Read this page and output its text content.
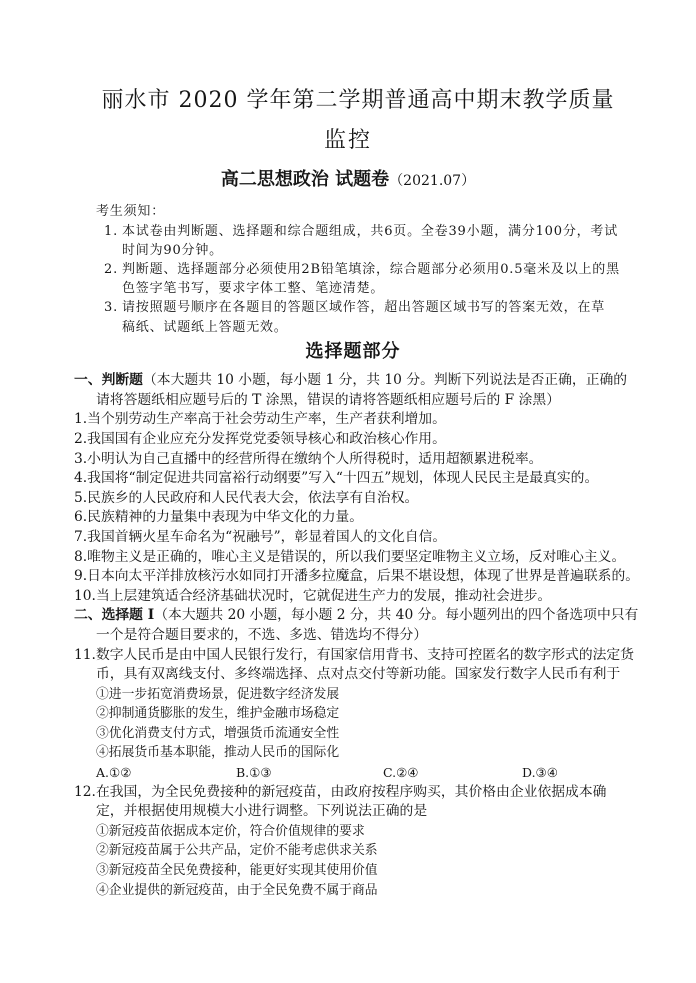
丽水市 2020 学年第二学期普通高中期末教学质量
监控
高二思想政治 试题卷（2021.07）
考生须知：
1. 本试卷由判断题、选择题和综合题组成，共6页。全卷39小题，满分100分，考试
时间为90分钟。
2. 判断题、选择题部分必须使用2B铅笔填涂，综合题部分必须用0.5毫米及以上的黑
色签字笔书写，要求字体工整、笔迹清楚。
3. 请按照题号顺序在各题目的答题区域作答，超出答题区域书写的答案无效，在草
稿纸、试题纸上答题无效。
选择题部分
一、判断题（本大题共 10 小题，每小题 1 分，共 10 分。判断下列说法是否正确，正确的
请将答题纸相应题号后的 T 涂黑，错误的请将答题纸相应题号后的 F 涂黑）
1.当个别劳动生产率高于社会劳动生产率，生产者获利增加。
2.我国国有企业应充分发挥党党委领导核心和政治核心作用。
3.小明认为自己直播中的经营所得在缴纳个人所得税时，适用超额累进税率。
4.我国将“制定促进共同富裕行动纲要”写入“十四五”规划，体现人民民主是最真实的。
5.民族乡的人民政府和人民代表大会，依法享有自治权。
6.民族精神的力量集中表现为中华文化的力量。
7.我国首辆火星车命名为“祝融号”，彰显着国人的文化自信。
8.唯物主义是正确的，唯心主义是错误的，所以我们要坚定唯物主义立场，反对唯心主义。
9.日本向太平洋排放核污水如同打开潘多拉魔盒，后果不堪设想，体现了世界是普遍联系的。
10.当上层建筑适合经济基础状况时，它就促进生产力的发展，推动社会进步。
二、选择题 I（本大题共 20 小题，每小题 2 分，共 40 分。每小题列出的四个备选项中只有
一个是符合题目要求的，不选、多选、错选均不得分）
11.数字人民币是由中国人民银行发行，有国家信用背书、支持可控匿名的数字形式的法定货
币，具有双离线支付、多终端选择、点对点交付等新功能。国家发行数字人民币有利于
①进一步拓宽消费场景，促进数字经济发展
②抑制通货膨胀的发生，维护金融市场稳定
③优化消费支付方式，增强货币流通安全性
④拓展货币基本职能，推动人民币的国际化
A.①②	B.①③	C.②④	D.③④
12.在我国，为全民免费接种的新冠疫苗，由政府按程序购买，其价格由企业依据成本确
定，并根据使用规模大小进行调整。下列说法正确的是
①新冠疫苗依据成本定价，符合价值规律的要求
②新冠疫苗属于公共产品，定价不能考虑供求关系
③新冠疫苗全民免费接种，能更好实现其使用价值
④企业提供的新冠疫苗，由于全民免费不属于商品
